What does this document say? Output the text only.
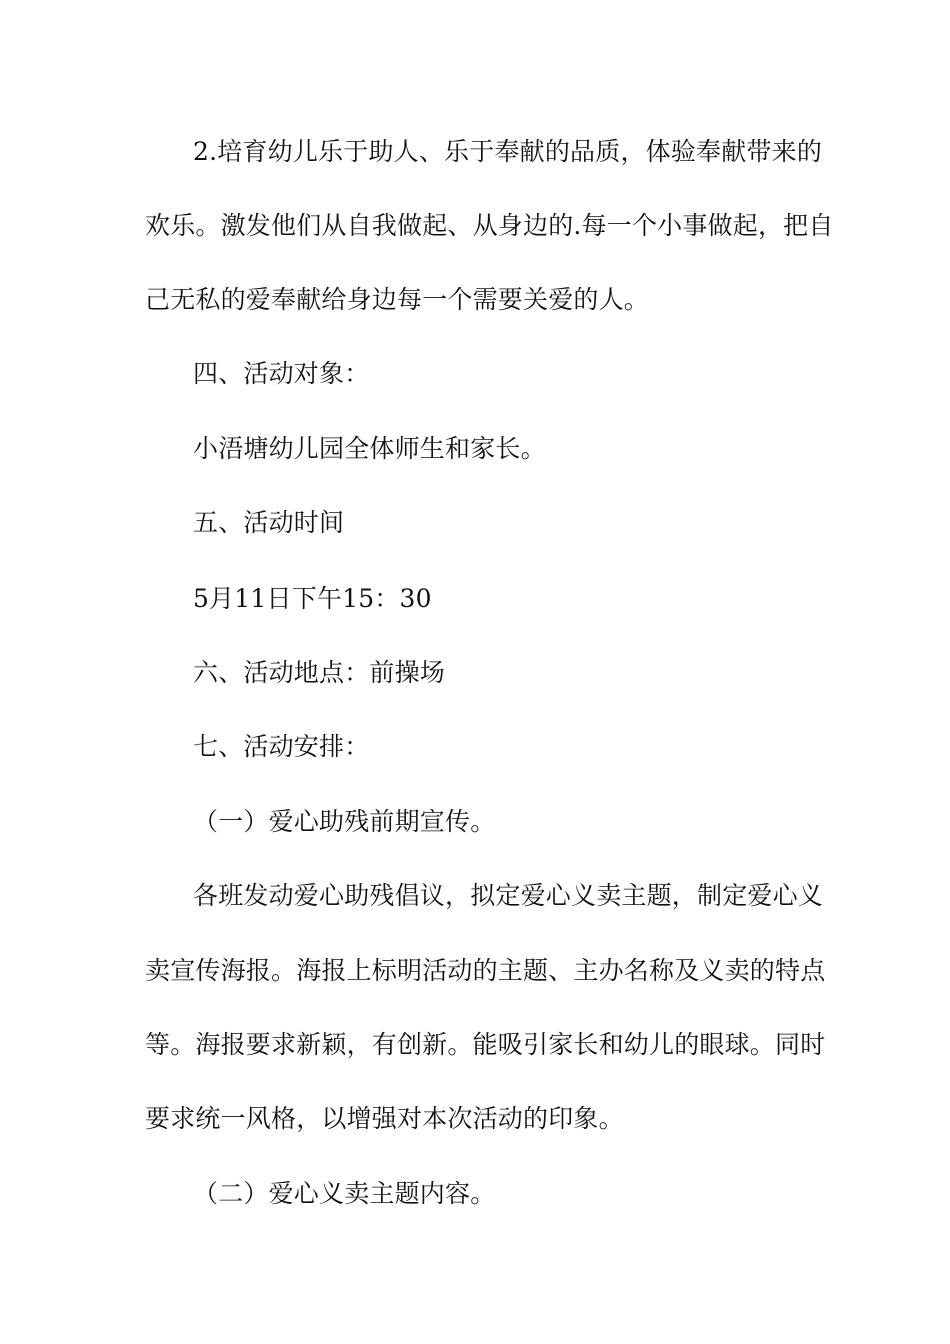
2.培育幼儿乐于助人、乐于奉献的品质，体验奉献带来的
欢乐。激发他们从自我做起、从身边的.每一个小事做起，把自
己无私的爱奉献给身边每一个需要关爱的人。
四、活动对象：
小浯塘幼儿园全体师生和家长。
五、活动时间
5月11日下午15：30
六、活动地点：前操场
七、活动安排：
（一）爱心助残前期宣传。
各班发动爱心助残倡议，拟定爱心义卖主题，制定爱心义
卖宣传海报。海报上标明活动的主题、主办名称及义卖的特点
等。海报要求新颖，有创新。能吸引家长和幼儿的眼球。同时
要求统一风格，以增强对本次活动的印象。
（二）爱心义卖主题内容。
